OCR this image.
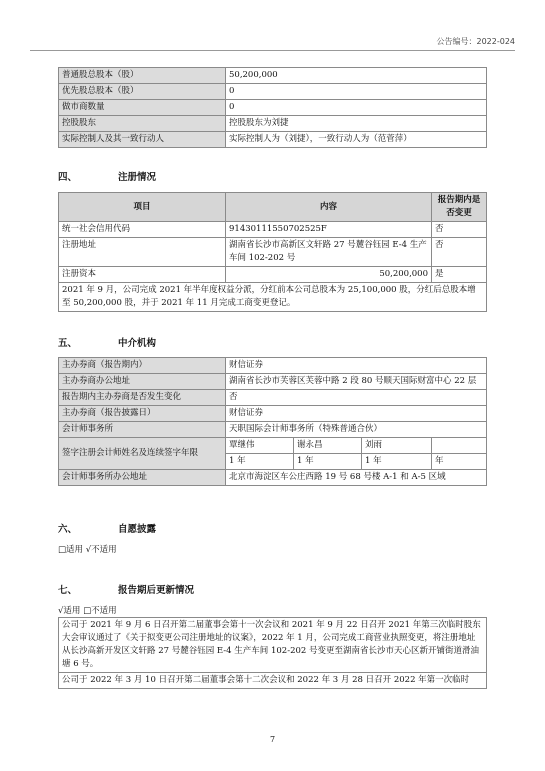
公告编号：2022-024
普通股总股本（股）	50,200,000
优先股总股本（股）	0
做市商数量	0
控股股东	控股股东为刘捷
实际控制人及其一致行动人	实际控制人为（刘捷），一致行动人为（范菅萍）
四、	注册情况
项目	内容	报告期内是否变更
统一社会信用代码	91430111550702525F	否
注册地址	湖南省长沙市高新区文轩路 27 号麓谷钰园 E-4 生产车间 102-202 号	否
注册资本	50,200,000	是
2021 年 9 月，公司完成 2021 年半年度权益分派，分红前本公司总股本为 25,100,000 股，分红后总股本增至 50,200,000 股，并于 2021 年 11 月完成工商变更登记。		
五、	中介机构
主办券商（报告期内）	财信证券			
主办券商办公地址	湖南省长沙市芙蓉区芙蓉中路 2 段 80 号顺天国际财富中心 22 层			
报告期内主办券商是否发生变化	否			
主办券商（报告披露日）	财信证券			
会计师事务所	天职国际会计师事务所（特殊普通合伙）			
签字注册会计师姓名及连续签字年限	覃继伟	谢永昌	刘雨	
	1 年	1 年	1 年	年
会计师事务所办公地址	北京市海淀区车公庄西路 19 号 68 号楼 A-1 和 A-5 区域			
六、	自愿披露
□适用 √不适用
七、	报告期后更新情况
√适用 □不适用
公司于 2021 年 9 月 6 日召开第二届董事会第十一次会议和 2021 年 9 月 22 日召开 2021 年第三次临时股东大会审议通过了《关于拟变更公司注册地址的议案》，2022 年 1 月，公司完成工商营业执照变更，将注册地址从长沙高新开发区文轩路 27 号麓谷钰园 E-4 生产车间 102-202 号变更至湖南省长沙市天心区新开铺街道滑油塘 6 号。
公司于 2022 年 3 月 10 日召开第二届董事会第十二次会议和 2022 年 3 月 28 日召开 2022 年第一次临时
7
